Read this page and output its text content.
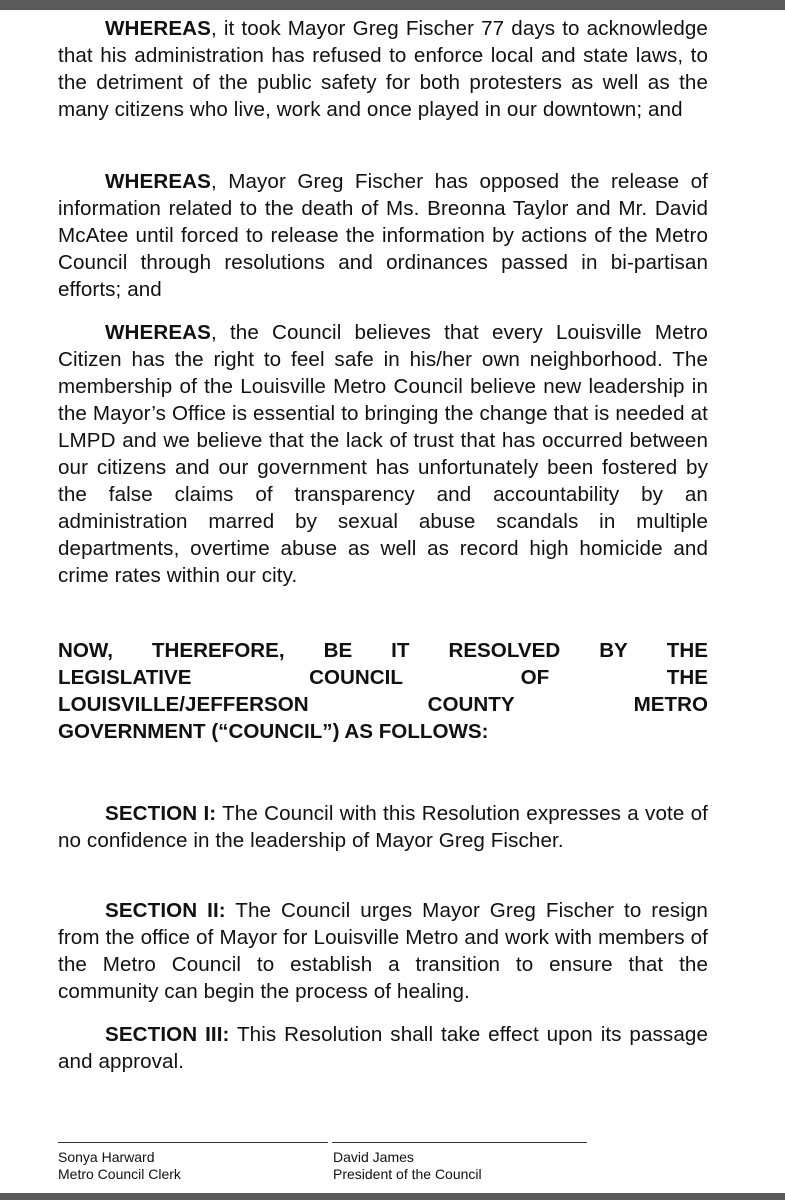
WHEREAS, it took Mayor Greg Fischer 77 days to acknowledge that his administration has refused to enforce local and state laws, to the detriment of the public safety for both protesters as well as the many citizens who live, work and once played in our downtown; and

WHEREAS, Mayor Greg Fischer has opposed the release of information related to the death of Ms. Breonna Taylor and Mr. David McAtee until forced to release the information by actions of the Metro Council through resolutions and ordinances passed in bi-partisan efforts; and

WHEREAS, the Council believes that every Louisville Metro Citizen has the right to feel safe in his/her own neighborhood. The membership of the Louisville Metro Council believe new leadership in the Mayor’s Office is essential to bringing the change that is needed at LMPD and we believe that the lack of trust that has occurred between our citizens and our government has unfortunately been fostered by the false claims of transparency and accountability by an administration marred by sexual abuse scandals in multiple departments, overtime abuse as well as record high homicide and crime rates within our city.

NOW, THEREFORE, BE IT RESOLVED BY THE
LEGISLATIVE	COUNCIL	OF	THE
LOUISVILLE/JEFFERSON	COUNTY	METRO
GOVERNMENT (“COUNCIL”) AS FOLLOWS:

SECTION I: The Council with this Resolution expresses a vote of no confidence in the leadership of Mayor Greg Fischer.

SECTION II: The Council urges Mayor Greg Fischer to resign from the office of Mayor for Louisville Metro and work with members of the Metro Council to establish a transition to ensure that the community can begin the process of healing.

SECTION III: This Resolution shall take effect upon its passage and approval.

Sonya Harward
Metro Council Clerk
David James
President of the Council
